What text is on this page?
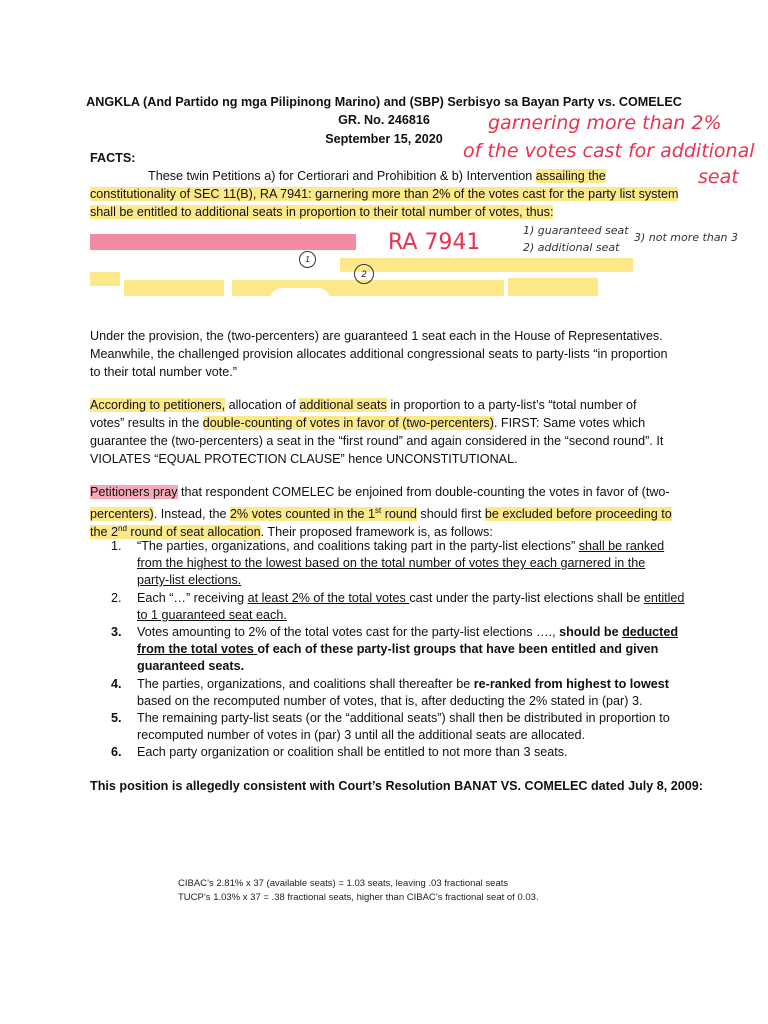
ANGKLA (And Partido ng mga Pilipinong Marino) and (SBP) Serbisyo sa Bayan Party vs. COMELEC
GR. No. 246816
September 15, 2020
garnering more than 2%
of the votes cast for additional
seat
FACTS:
These twin Petitions a) for Certiorari and Prohibition & b) Intervention assailing the
constitutionality of SEC 11(B), RA 7941: garnering more than 2% of the votes cast for the party list system
shall be entitled to additional seats in proportion to their total number of votes, thus:
RA 7941
1
2
1) guaranteed seat
2) additional seat
3) not more than 3
Under the provision, the (two-percenters) are guaranteed 1 seat each in the House of Representatives.
Meanwhile, the challenged provision allocates additional congressional seats to party-lists “in proportion
to their total number vote.”
According to petitioners, allocation of additional seats in proportion to a party-list’s “total number of
votes” results in the double-counting of votes in favor of (two-percenters). FIRST: Same votes which
guarantee the (two-percenters) a seat in the “first round” and again considered in the “second round”. It
VIOLATES “EQUAL PROTECTION CLAUSE” hence UNCONSTITUTIONAL.
Petitioners pray that respondent COMELEC be enjoined from double-counting the votes in favor of (two-
percenters). Instead, the 2% votes counted in the 1st round should first be excluded before proceeding to
the 2nd round of seat allocation. Their proposed framework is, as follows:
1. “The parties, organizations, and coalitions taking part in the party-list elections” shall be ranked
from the highest to the lowest based on the total number of votes they each garnered in the
party-list elections.
2. Each “…” receiving at least 2% of the total votes cast under the party-list elections shall be entitled
to 1 guaranteed seat each.
3. Votes amounting to 2% of the total votes cast for the party-list elections …., should be deducted
from the total votes of each of these party-list groups that have been entitled and given
guaranteed seats.
4. The parties, organizations, and coalitions shall thereafter be re-ranked from highest to lowest
based on the recomputed number of votes, that is, after deducting the 2% stated in (par) 3.
5. The remaining party-list seats (or the “additional seats”) shall then be distributed in proportion to
recomputed number of votes in (par) 3 until all the additional seats are allocated.
6. Each party organization or coalition shall be entitled to not more than 3 seats.
This position is allegedly consistent with Court’s Resolution BANAT VS. COMELEC dated July 8, 2009:
CIBAC’s 2.81% x 37 (available seats) = 1.03 seats, leaving .03 fractional seats
TUCP’s 1.03% x 37 = .38 fractional seats, higher than CIBAC’s fractional seat of 0.03.
